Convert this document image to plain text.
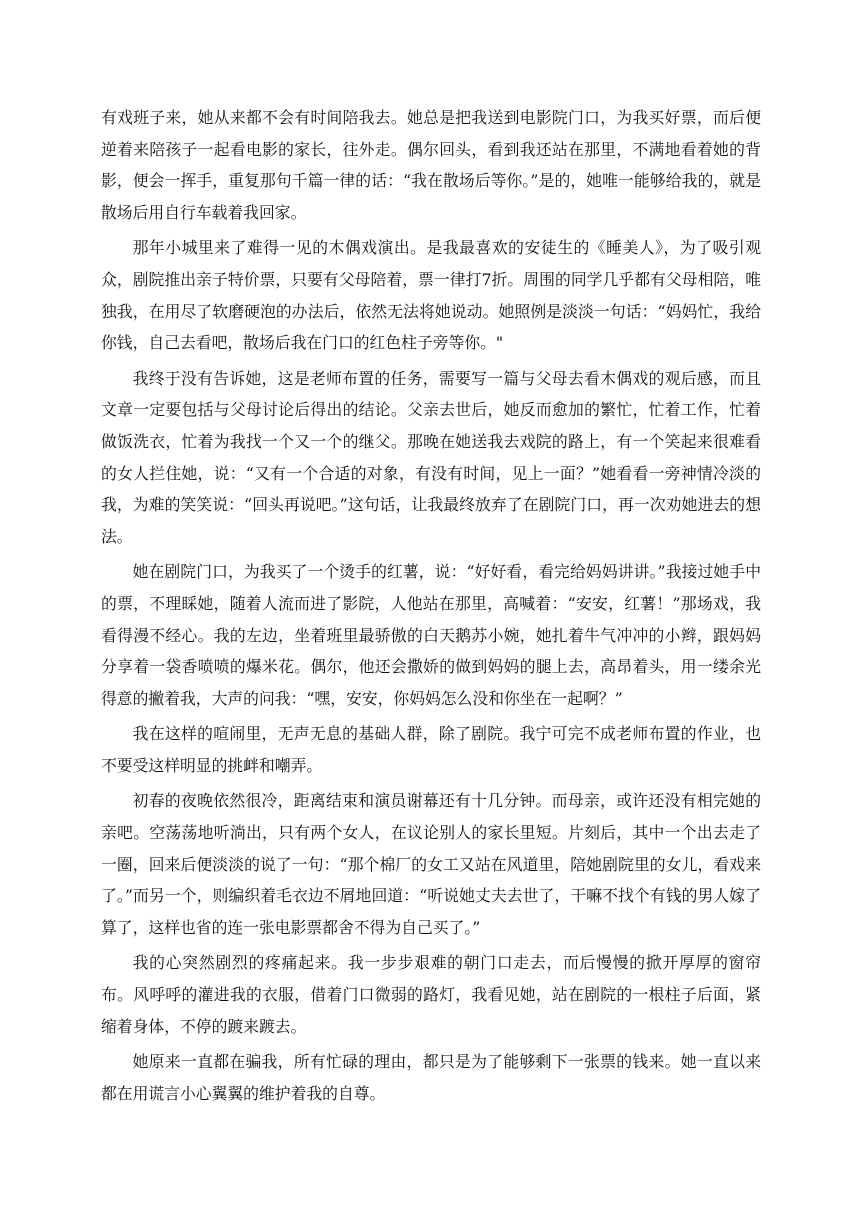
有戏班子来，她从来都不会有时间陪我去。她总是把我送到电影院门口，为我买好票，而后便逆着来陪孩子一起看电影的家长，往外走。偶尔回头，看到我还站在那里，不满地看着她的背影，便会一挥手，重复那句千篇一律的话：“我在散场后等你。”是的，她唯一能够给我的，就是散场后用自行车载着我回家。

那年小城里来了难得一见的木偶戏演出。是我最喜欢的安徒生的《睡美人》，为了吸引观众，剧院推出亲子特价票，只要有父母陪着，票一律打7折。周围的同学几乎都有父母相陪，唯独我，在用尽了软磨硬泡的办法后，依然无法将她说动。她照例是淡淡一句话：“妈妈忙，我给你钱，自己去看吧，散场后我在门口的红色柱子旁等你。"

我终于没有告诉她，这是老师布置的任务，需要写一篇与父母去看木偶戏的观后感，而且文章一定要包括与父母讨论后得出的结论。父亲去世后，她反而愈加的繁忙，忙着工作，忙着做饭洗衣，忙着为我找一个又一个的继父。那晚在她送我去戏院的路上，有一个笑起来很难看的女人拦住她，说：“又有一个合适的对象，有没有时间，见上一面？”她看看一旁神情冷淡的我，为难的笑笑说：“回头再说吧。”这句话，让我最终放弃了在剧院门口，再一次劝她进去的想法。

她在剧院门口，为我买了一个烫手的红薯，说：“好好看，看完给妈妈讲讲。”我接过她手中的票，不理睬她，随着人流而进了影院，人他站在那里，高喊着：“安安，红薯！”那场戏，我看得漫不经心。我的左边，坐着班里最骄傲的白天鹅苏小婉，她扎着牛气冲冲的小辫，跟妈妈分享着一袋香喷喷的爆米花。偶尔，他还会撒娇的做到妈妈的腿上去，高昂着头，用一缕余光得意的撇着我，大声的问我：“嘿，安安，你妈妈怎么没和你坐在一起啊？”

我在这样的喧闹里，无声无息的基础人群，除了剧院。我宁可完不成老师布置的作业，也不要受这样明显的挑衅和嘲弄。

初春的夜晚依然很冷，距离结束和演员谢幕还有十几分钟。而母亲，或许还没有相完她的亲吧。空荡荡地听淌出，只有两个女人，在议论别人的家长里短。片刻后，其中一个出去走了一圈，回来后便淡淡的说了一句：“那个棉厂的女工又站在风道里，陪她剧院里的女儿，看戏来了。”而另一个，则编织着毛衣边不屑地回道：“听说她丈夫去世了，干嘛不找个有钱的男人嫁了算了，这样也省的连一张电影票都舍不得为自己买了。”

我的心突然剧烈的疼痛起来。我一步步艰难的朝门口走去，而后慢慢的掀开厚厚的窗帘布。风呼呼的灌进我的衣服，借着门口微弱的路灯，我看见她，站在剧院的一根柱子后面，紧缩着身体，不停的踱来踱去。

她原来一直都在骗我，所有忙碌的理由，都只是为了能够剩下一张票的钱来。她一直以来都在用谎言小心翼翼的维护着我的自尊。
